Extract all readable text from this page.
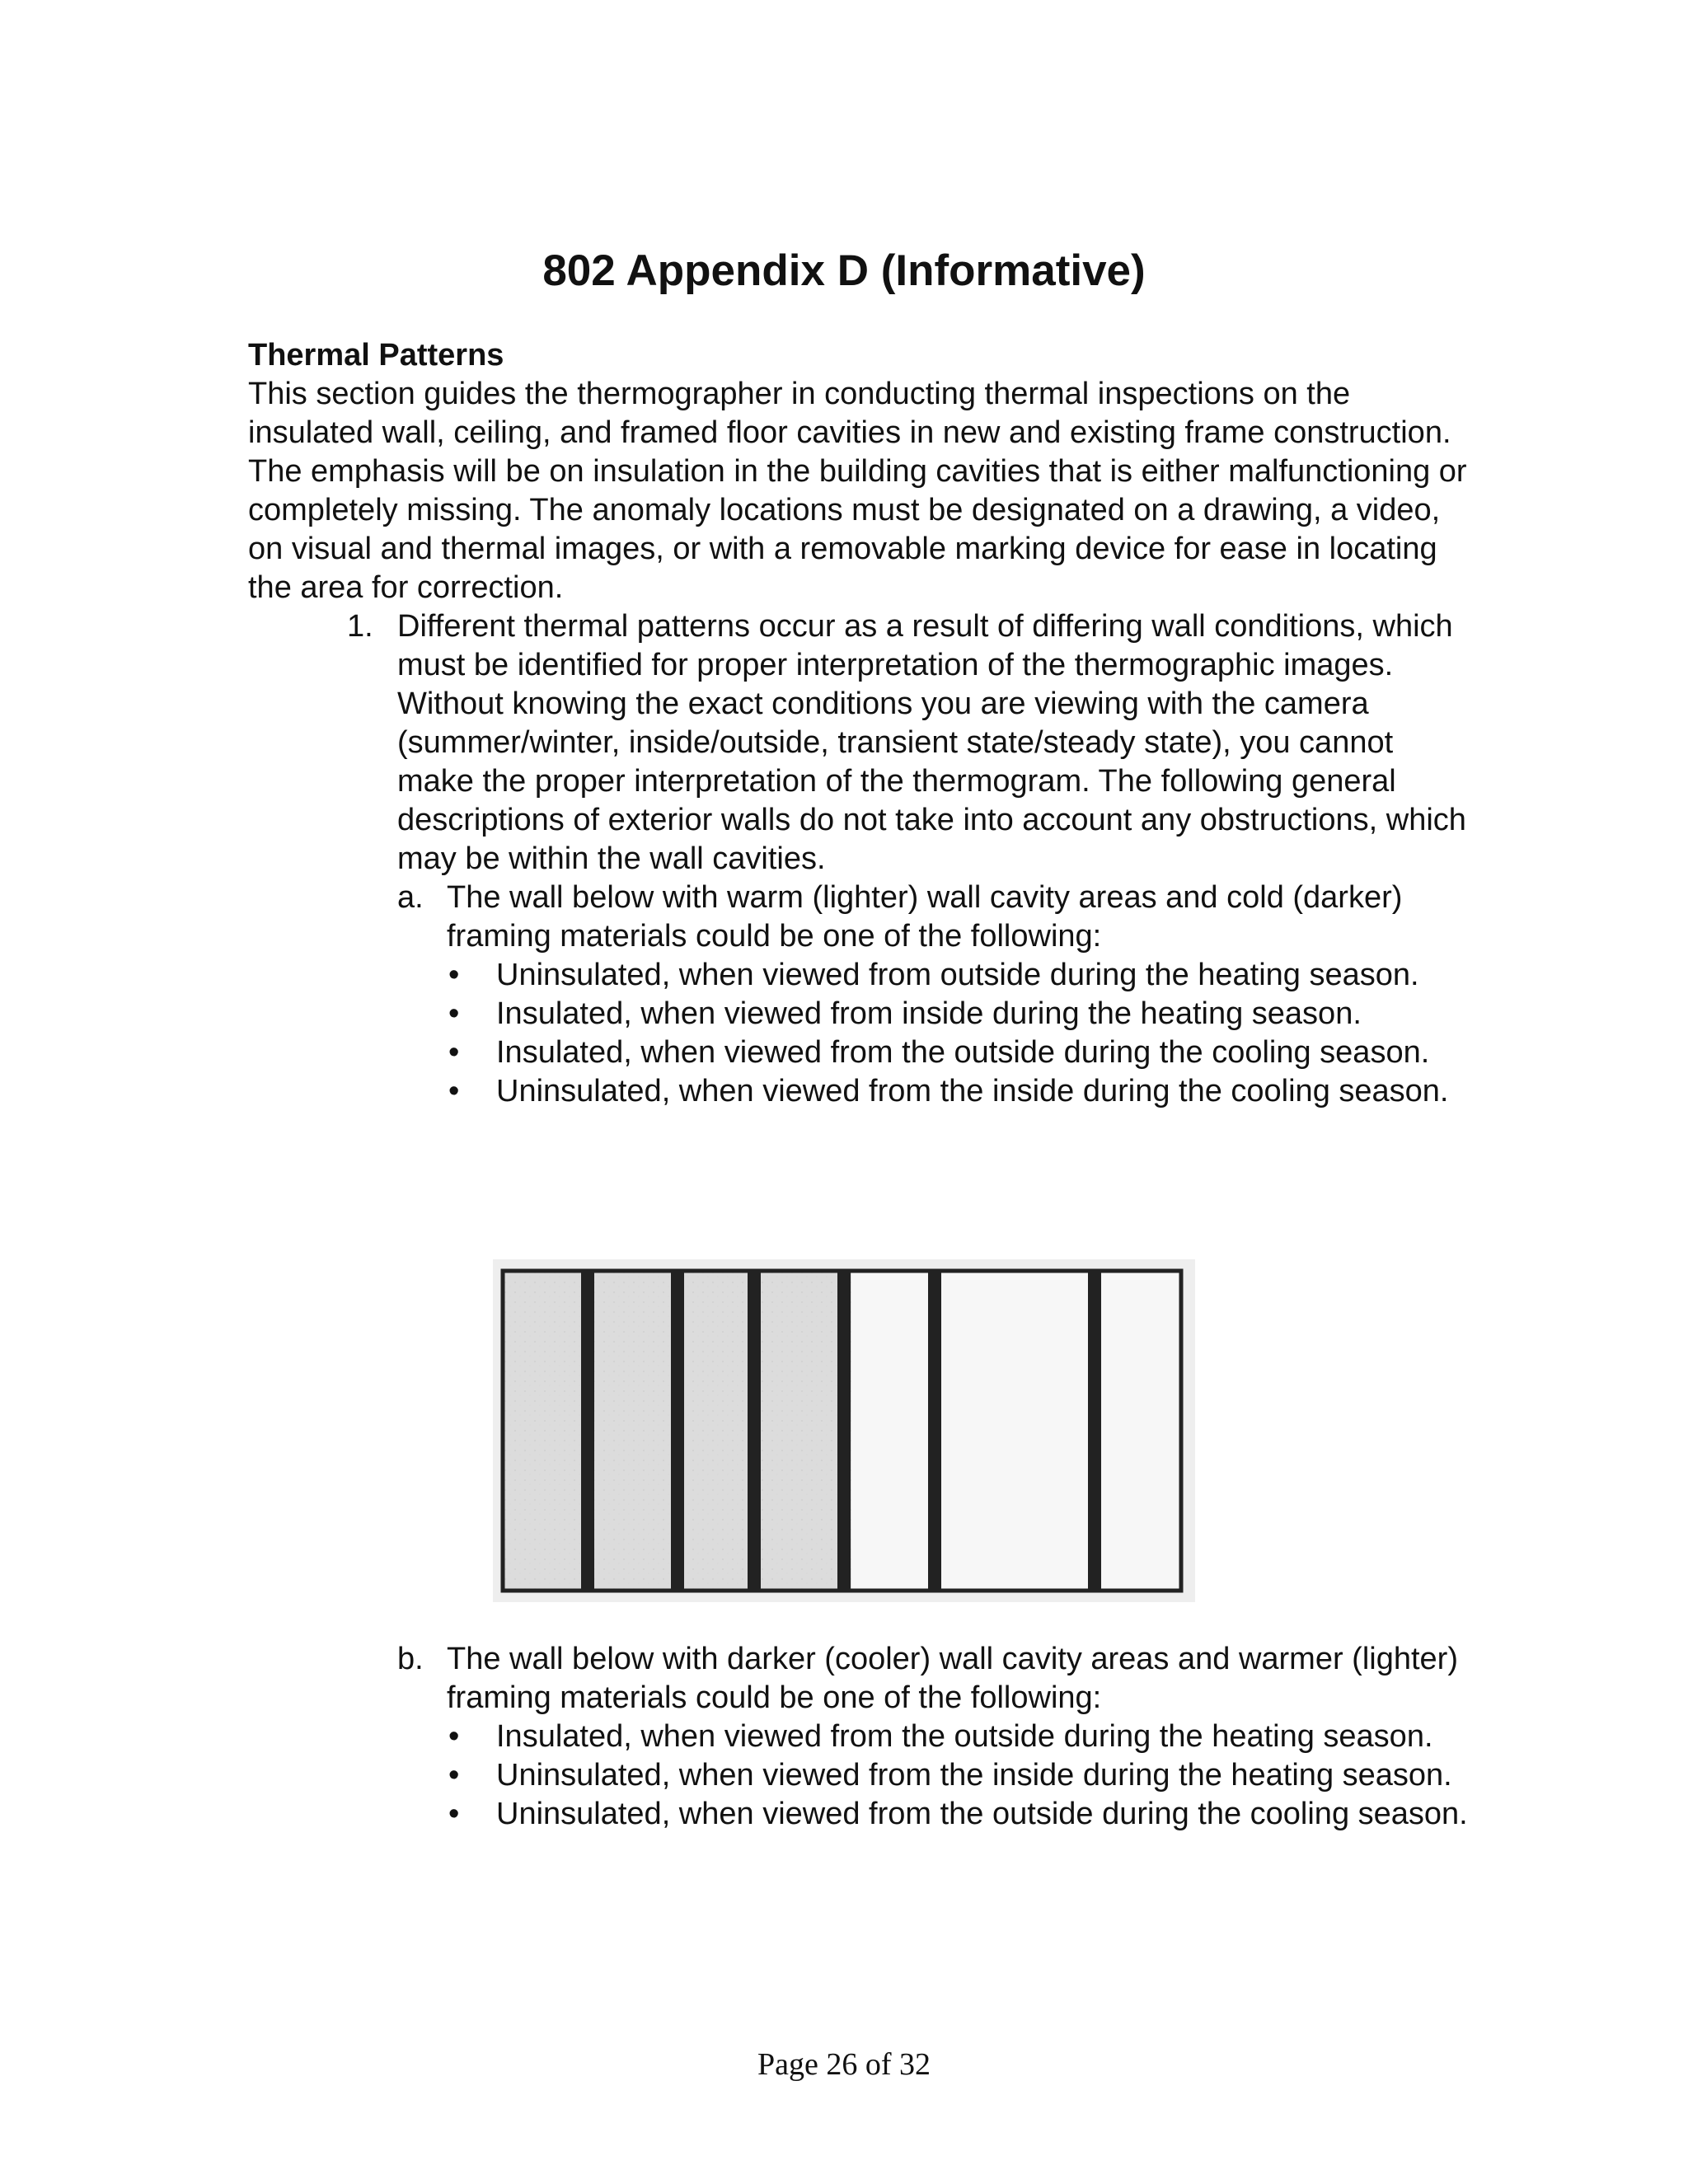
802 Appendix D (Informative)
Thermal Patterns

This section guides the thermographer in conducting thermal inspections on the insulated wall, ceiling, and framed floor cavities in new and existing frame construction. The emphasis will be on insulation in the building cavities that is either malfunctioning or completely missing. The anomaly locations must be designated on a drawing, a video, on visual and thermal images, or with a removable marking device for ease in locating the area for correction.

1. Different thermal patterns occur as a result of differing wall conditions, which must be identified for proper interpretation of the thermographic images. Without knowing the exact conditions you are viewing with the camera (summer/winter, inside/outside, transient state/steady state), you cannot make the proper interpretation of the thermogram. The following general descriptions of exterior walls do not take into account any obstructions, which may be within the wall cavities.
a. The wall below with warm (lighter) wall cavity areas and cold (darker) framing materials could be one of the following:
• Uninsulated, when viewed from outside during the heating season.
• Insulated, when viewed from inside during the heating season.
• Insulated, when viewed from the outside during the cooling season.
• Uninsulated, when viewed from the inside during the cooling season.
b. The wall below with darker (cooler) wall cavity areas and warmer (lighter) framing materials could be one of the following:
• Insulated, when viewed from the outside during the heating season.
• Uninsulated, when viewed from the inside during the heating season.
• Uninsulated, when viewed from the outside during the cooling season.
Page 26 of 32
